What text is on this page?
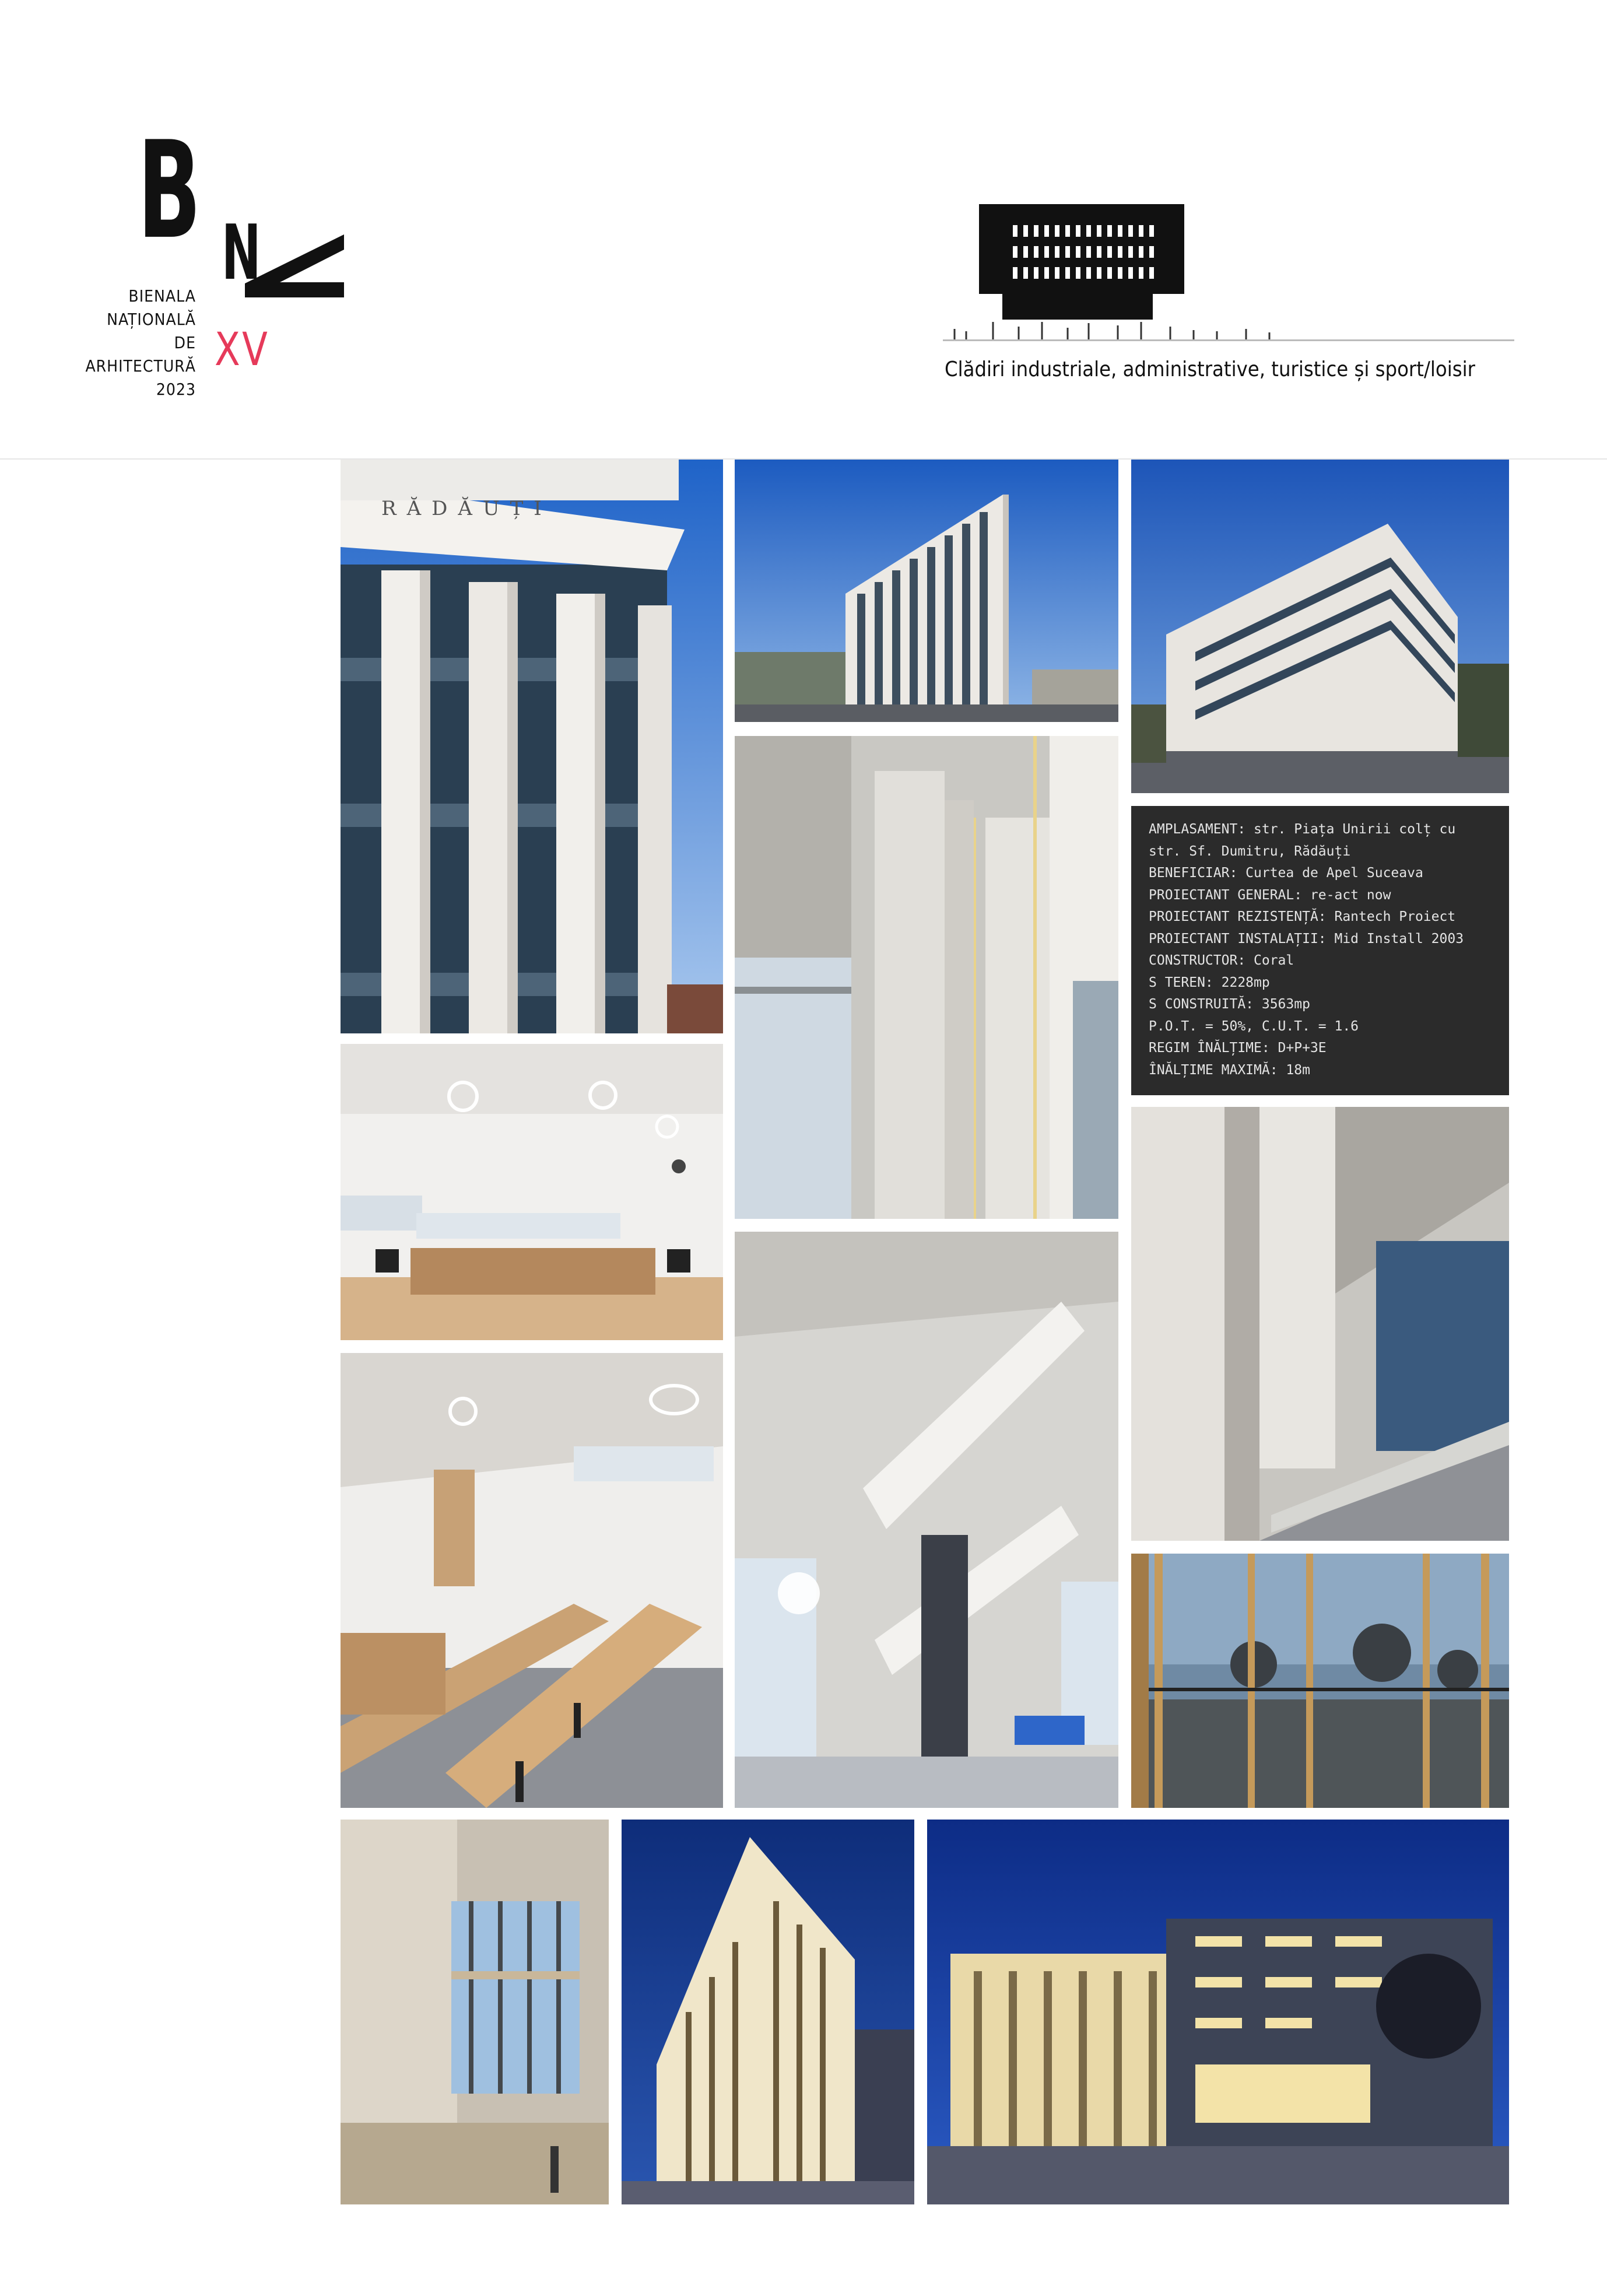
B N
BIENALA
NAȚIONALĂ
DE
ARHITECTURĂ
2023
XV	Clădiri industriale, administrative, turistice și sport/loisir
RĂDĂUȚI
AMPLASAMENT: str. Piața Unirii colț cu
str. Sf. Dumitru, Rădăuți
BENEFICIAR: Curtea de Apel Suceava
PROIECTANT GENERAL: re-act now
PROIECTANT REZISTENȚĂ: Rantech Proiect
PROIECTANT INSTALAȚII: Mid Install 2003
CONSTRUCTOR: Coral
S TEREN: 2228mp
S CONSTRUITĂ: 3563mp
P.O.T. = 50%, C.U.T. = 1.6
REGIM ÎNĂLȚIME: D+P+3E
ÎNĂLȚIME MAXIMĂ: 18m
